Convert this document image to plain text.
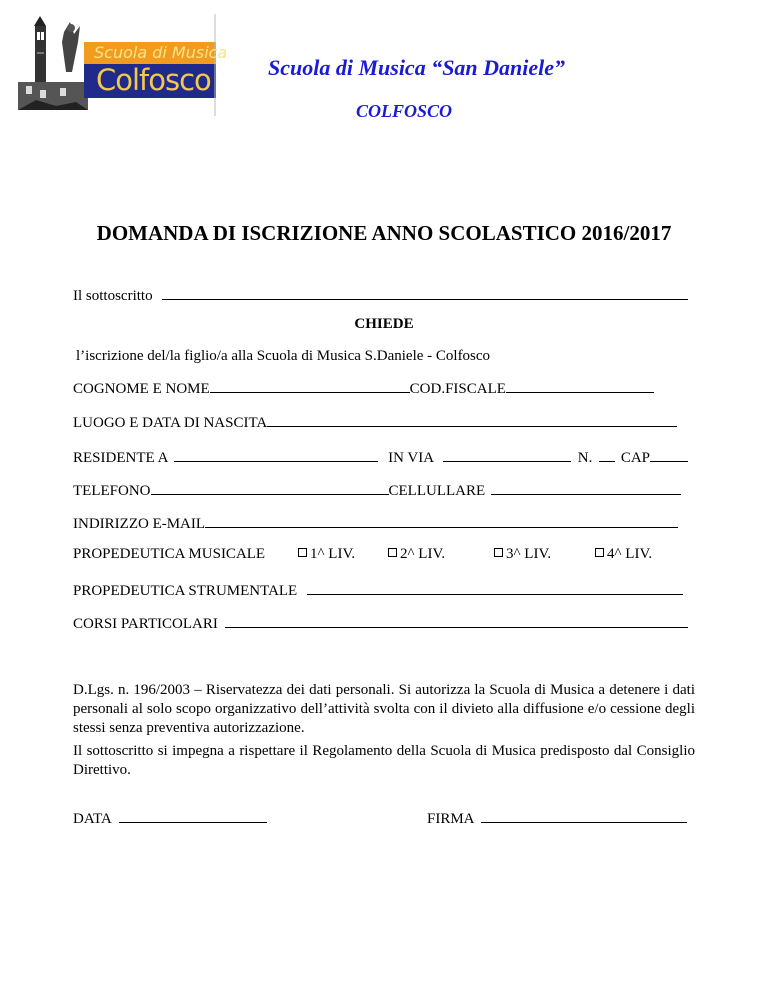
Scuola di Musica
Colfosco	Scuola di Musica “San Daniele”
COLFOSCO
DOMANDA DI ISCRIZIONE ANNO SCOLASTICO 2016/2017
Il sottoscritto
CHIEDE
l’iscrizione del/la figlio/a alla Scuola di Musica S.Daniele - Colfosco
COGNOME E NOME	COD.FISCALE
LUOGO E DATA DI NASCITA
RESIDENTE A	IN VIA	N. CAP
TELEFONO	CELLULLARE
INDIRIZZO E-MAIL
PROPEDEUTICA MUSICALE	1^ LIV.	2^ LIV.	3^ LIV.	4^ LIV.
PROPEDEUTICA STRUMENTALE
CORSI PARTICOLARI
D.Lgs. n. 196/2003 – Riservatezza dei dati personali. Si autorizza la Scuola di Musica a detenere i dati personali al solo scopo organizzativo dell’attività svolta con il divieto alla diffusione e/o cessione degli stessi senza preventiva autorizzazione.
Il sottoscritto si impegna a rispettare il Regolamento della Scuola di Musica predisposto dal Consiglio Direttivo.
DATA	FIRMA
